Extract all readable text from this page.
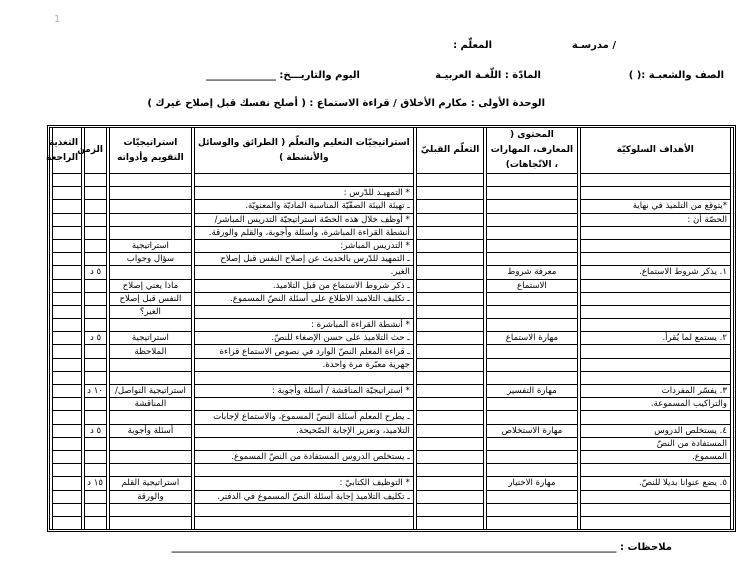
1
/ مدرسـة
المعلّم :
الصف والشعبـة :( )
المادّة : اللّغـة العربيـة
اليوم والتاريـــخ: ______________
الوحدة الأولى : مكارم الأخلاق / قراءة الاستماع : ( أصلح نفسك قبل إصلاح غيرك )
الأهداف السلوكيّة	المحتوى ( المعارف، المهارات ، الاتّجاهات)	التعلّم القبليّ	استراتيجيّات التعليم والتعلّم ( الطرائق والوسائل والأنشطة )	استراتيجيّات التقويم وأدواته	الزمن	التغذية الراجعة

			* التمهيـد للدّرس :			
*يتوقع من التلميذ في نهاية			ـ تهيئة البيئة الصفّيّة المناسبة الماديّة والمعنويّة.			
الحصّة أن :			* أوظف خلال هذه الحصّة استراتيجيّة التدريس المباشر/			
			أنشطة القراءة المباشرة، وأسئلة وأجوبة، والقلم والورقة.			
			* التدريس المباشر:	استراتيجية		
			ـ التمهيد للدّرس بالحديث عن إصلاح النفس قبل إصلاح	سؤال وجواب		
١. يذكر شروط الاستماع.	معرفة شروط		الغير.		٥ د	
	الاستماع		ـ ذكر شروط الاستماع من قبل التلاميذ.	ماذا يعني إصلاح		
			ـ تكليف التلاميذ الاطلاع على أسئلة النصّ المسموع.	النفس قبل إصلاح		
				الغير؟		
			* أنشطة القراءة المباشرة :			
٢. يستمع لما يُقرأ.	مهارة الاستماع		ـ حث التلاميذ على حسن الإصغاء للنصّ.	استراتيجية	٥ د	
			ـ قراءة المعلم النصّ الوارد في نصوص الاستماع قراءة	الملاحظة		
			جهرية معبّرة مرة واحدة.			

٣. يفسّر المفردات	مهارة التفسير		* استراتيجيّة المناقشة / أسئلة وأجوبة :	استراتيجية التواصل/	١٠ د	
والتراكيب المسموعة.				المناقشة		
			ـ يطرح المعلم أسئلة النصّ المسموع، والاستماع لإجابات			
٤. يستخلص الدروس	مهارة الاستخلاص		التلاميذ، وتعزيز الإجابة الصّحيحة.	أسئلة وأجوبة	٥ د	
المستفادة من النصّ						
المسموع.			ـ يستخلص الدروس المستفادة من النصّ المسموع.			

٥. يضع عنوانا بديلا للنصّ.	مهارة الاختيار		* التوظيف الكتابيّ :	استراتيجية القلم	١٥ د	
			ـ تكليف التلاميذ إجابة أسئلة النصّ المسموع في الدفتر.	والورقة		

ملاحظات : _________________________________________________________________________________________
